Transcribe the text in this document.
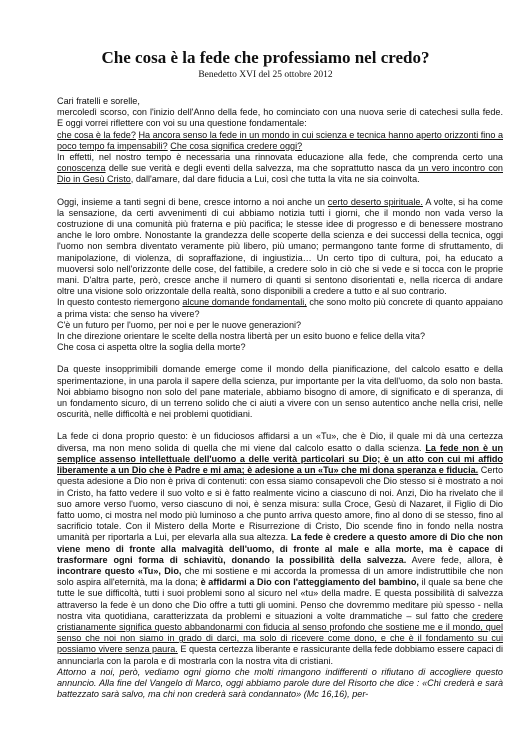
Che cosa è la fede che professiamo nel credo?
Benedetto XVI del 25 ottobre 2012

Cari fratelli e sorelle,
mercoledì scorso, con l'inizio dell'Anno della fede, ho cominciato con una nuova serie di catechesi sulla fede. E oggi vorrei riflettere con voi su una questione fondamentale:
che cosa è la fede? Ha ancora senso la fede in un mondo in cui scienza e tecnica hanno aperto orizzonti fino a poco tempo fa impensabili? Che cosa significa credere oggi?
In effetti, nel nostro tempo è necessaria una rinnovata educazione alla fede, che comprenda certo una conoscenza delle sue verità e degli eventi della salvezza, ma che soprattutto nasca da un vero incontro con Dio in Gesù Cristo, dall'amare, dal dare fiducia a Lui, così che tutta la vita ne sia coinvolta.

Oggi, insieme a tanti segni di bene, cresce intorno a noi anche un certo deserto spirituale. A volte, si ha come la sensazione, da certi avvenimenti di cui abbiamo notizia tutti i giorni, che il mondo non vada verso la costruzione di una comunità più fraterna e più pacifica; le stesse idee di progresso e di benessere mostrano anche le loro ombre. Nonostante la grandezza delle scoperte della scienza e dei successi della tecnica, oggi l'uomo non sembra diventato veramente più libero, più umano; permangono tante forme di sfruttamento, di manipolazione, di violenza, di sopraffazione, di ingiustizia… Un certo tipo di cultura, poi, ha educato a muoversi solo nell'orizzonte delle cose, del fattibile, a credere solo in ciò che si vede e si tocca con le proprie mani. D'altra parte, però, cresce anche il numero di quanti si sentono disorientati e, nella ricerca di andare oltre una visione solo orizzontale della realtà, sono disponibili a credere a tutto e al suo contrario.
In questo contesto riemergono alcune domande fondamentali, che sono molto più concrete di quanto appaiano a prima vista: che senso ha vivere?
C'è un futuro per l'uomo, per noi e per le nuove generazioni?
In che direzione orientare le scelte della nostra libertà per un esito buono e felice della vita?
Che cosa ci aspetta oltre la soglia della morte?

Da queste insopprimibili domande emerge come il mondo della pianificazione, del calcolo esatto e della sperimentazione, in una parola il sapere della scienza, pur importante per la vita dell'uomo, da solo non basta. Noi abbiamo bisogno non solo del pane materiale, abbiamo bisogno di amore, di significato e di speranza, di un fondamento sicuro, di un terreno solido che ci aiuti a vivere con un senso autentico anche nella crisi, nelle oscurità, nelle difficoltà e nei problemi quotidiani.

La fede ci dona proprio questo: è un fiduciosos affidarsi a un «Tu», che è Dio, il quale mi dà una certezza diversa, ma non meno solida di quella che mi viene dal calcolo esatto o dalla scienza. La fede non è un semplice assenso intellettuale dell'uomo a delle verità particolari su Dio; è un atto con cui mi affido liberamente a un Dio che è Padre e mi ama; è adesione a un «Tu» che mi dona speranza e fiducia. Certo questa adesione a Dio non è priva di contenuti: con essa siamo consapevoli che Dio stesso si è mostrato a noi in Cristo, ha fatto vedere il suo volto e si è fatto realmente vicino a ciascuno di noi. Anzi, Dio ha rivelato che il suo amore verso l'uomo, verso ciascuno di noi, è senza misura: sulla Croce, Gesù di Nazaret, il Figlio di Dio fatto uomo, ci mostra nel modo più luminoso a che punto arriva questo amore, fino al dono di se stesso, fino al sacrificio totale. Con il Mistero della Morte e Risurrezione di Cristo, Dio scende fino in fondo nella nostra umanità per riportarla a Lui, per elevarla alla sua altezza. La fede è credere a questo amore di Dio che non viene meno di fronte alla malvagità dell'uomo, di fronte al male e alla morte, ma è capace di trasformare ogni forma di schiavitù, donando la possibilità della salvezza. Avere fede, allora, è incontrare questo «Tu», Dio, che mi sostiene e mi accorda la promessa di un amore indistruttibile che non solo aspira all'eternità, ma la dona; è affidarmi a Dio con l'atteggiamento del bambino, il quale sa bene che tutte le sue difficoltà, tutti i suoi problemi sono al sicuro nel «tu» della madre. E questa possibilità di salvezza attraverso la fede è un dono che Dio offre a tutti gli uomini. Penso che dovremmo meditare più spesso - nella nostra vita quotidiana, caratterizzata da problemi e situazioni a volte drammatiche – sul fatto che credere cristianamente significa questo abbandonarmi con fiducia al senso profondo che sostiene me e il mondo, quel senso che noi non siamo in grado di darci, ma solo di ricevere come dono, e che è il fondamento su cui possiamo vivere senza paura. E questa certezza liberante e rassicurante della fede dobbiamo essere capaci di annunciarla con la parola e di mostrarla con la nostra vita di cristiani.

Attorno a noi, però, vediamo ogni giorno che molti rimangono indifferenti o rifiutano di accogliere questo annuncio. Alla fine del Vangelo di Marco, oggi abbiamo parole dure del Risorto che dice : «Chi crederà e sarà battezzato sarà salvo, ma chi non crederà sarà condannato» (Mc 16,16), per-
